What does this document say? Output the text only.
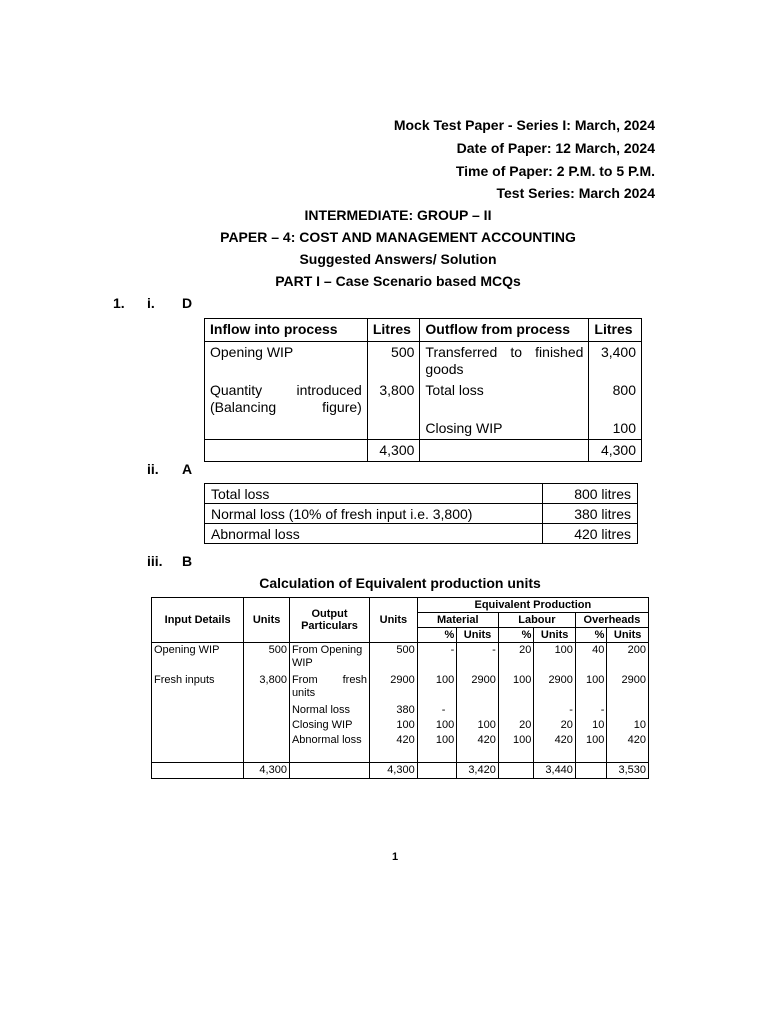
Mock Test Paper - Series I: March, 2024
Date of Paper: 12 March, 2024
Time of Paper: 2 P.M. to 5 P.M.
Test Series: March 2024
INTERMEDIATE: GROUP – II
PAPER – 4: COST AND MANAGEMENT ACCOUNTING
Suggested Answers/ Solution
PART I – Case Scenario based MCQs
1. i. D
Inflow into process	Litres	Outflow from process	Litres
Opening WIP	500	Transferred to finished goods	3,400
Quantity introduced (Balancing figure)	3,800	Total loss	800
		Closing WIP	100
	4,300		4,300
ii. A
Total loss	800 litres
Normal loss (10% of fresh input i.e. 3,800)	380 litres
Abnormal loss	420 litres
iii. B
Calculation of Equivalent production units
Input Details	Units	Output Particulars	Units	Equivalent Production					
				Material		Labour		Overheads	
				%	Units	%	Units	%	Units
Opening WIP	500	From Opening WIP	500	-	-	20	100	40	200
Fresh inputs	3,800	From fresh units	2900	100	2900	100	2900	100	2900
		Normal loss	380	-			-	-	
		Closing WIP	100	100	100	20	20	10	10
		Abnormal loss	420	100	420	100	420	100	420
	4,300		4,300		3,420		3,440		3,530
1
